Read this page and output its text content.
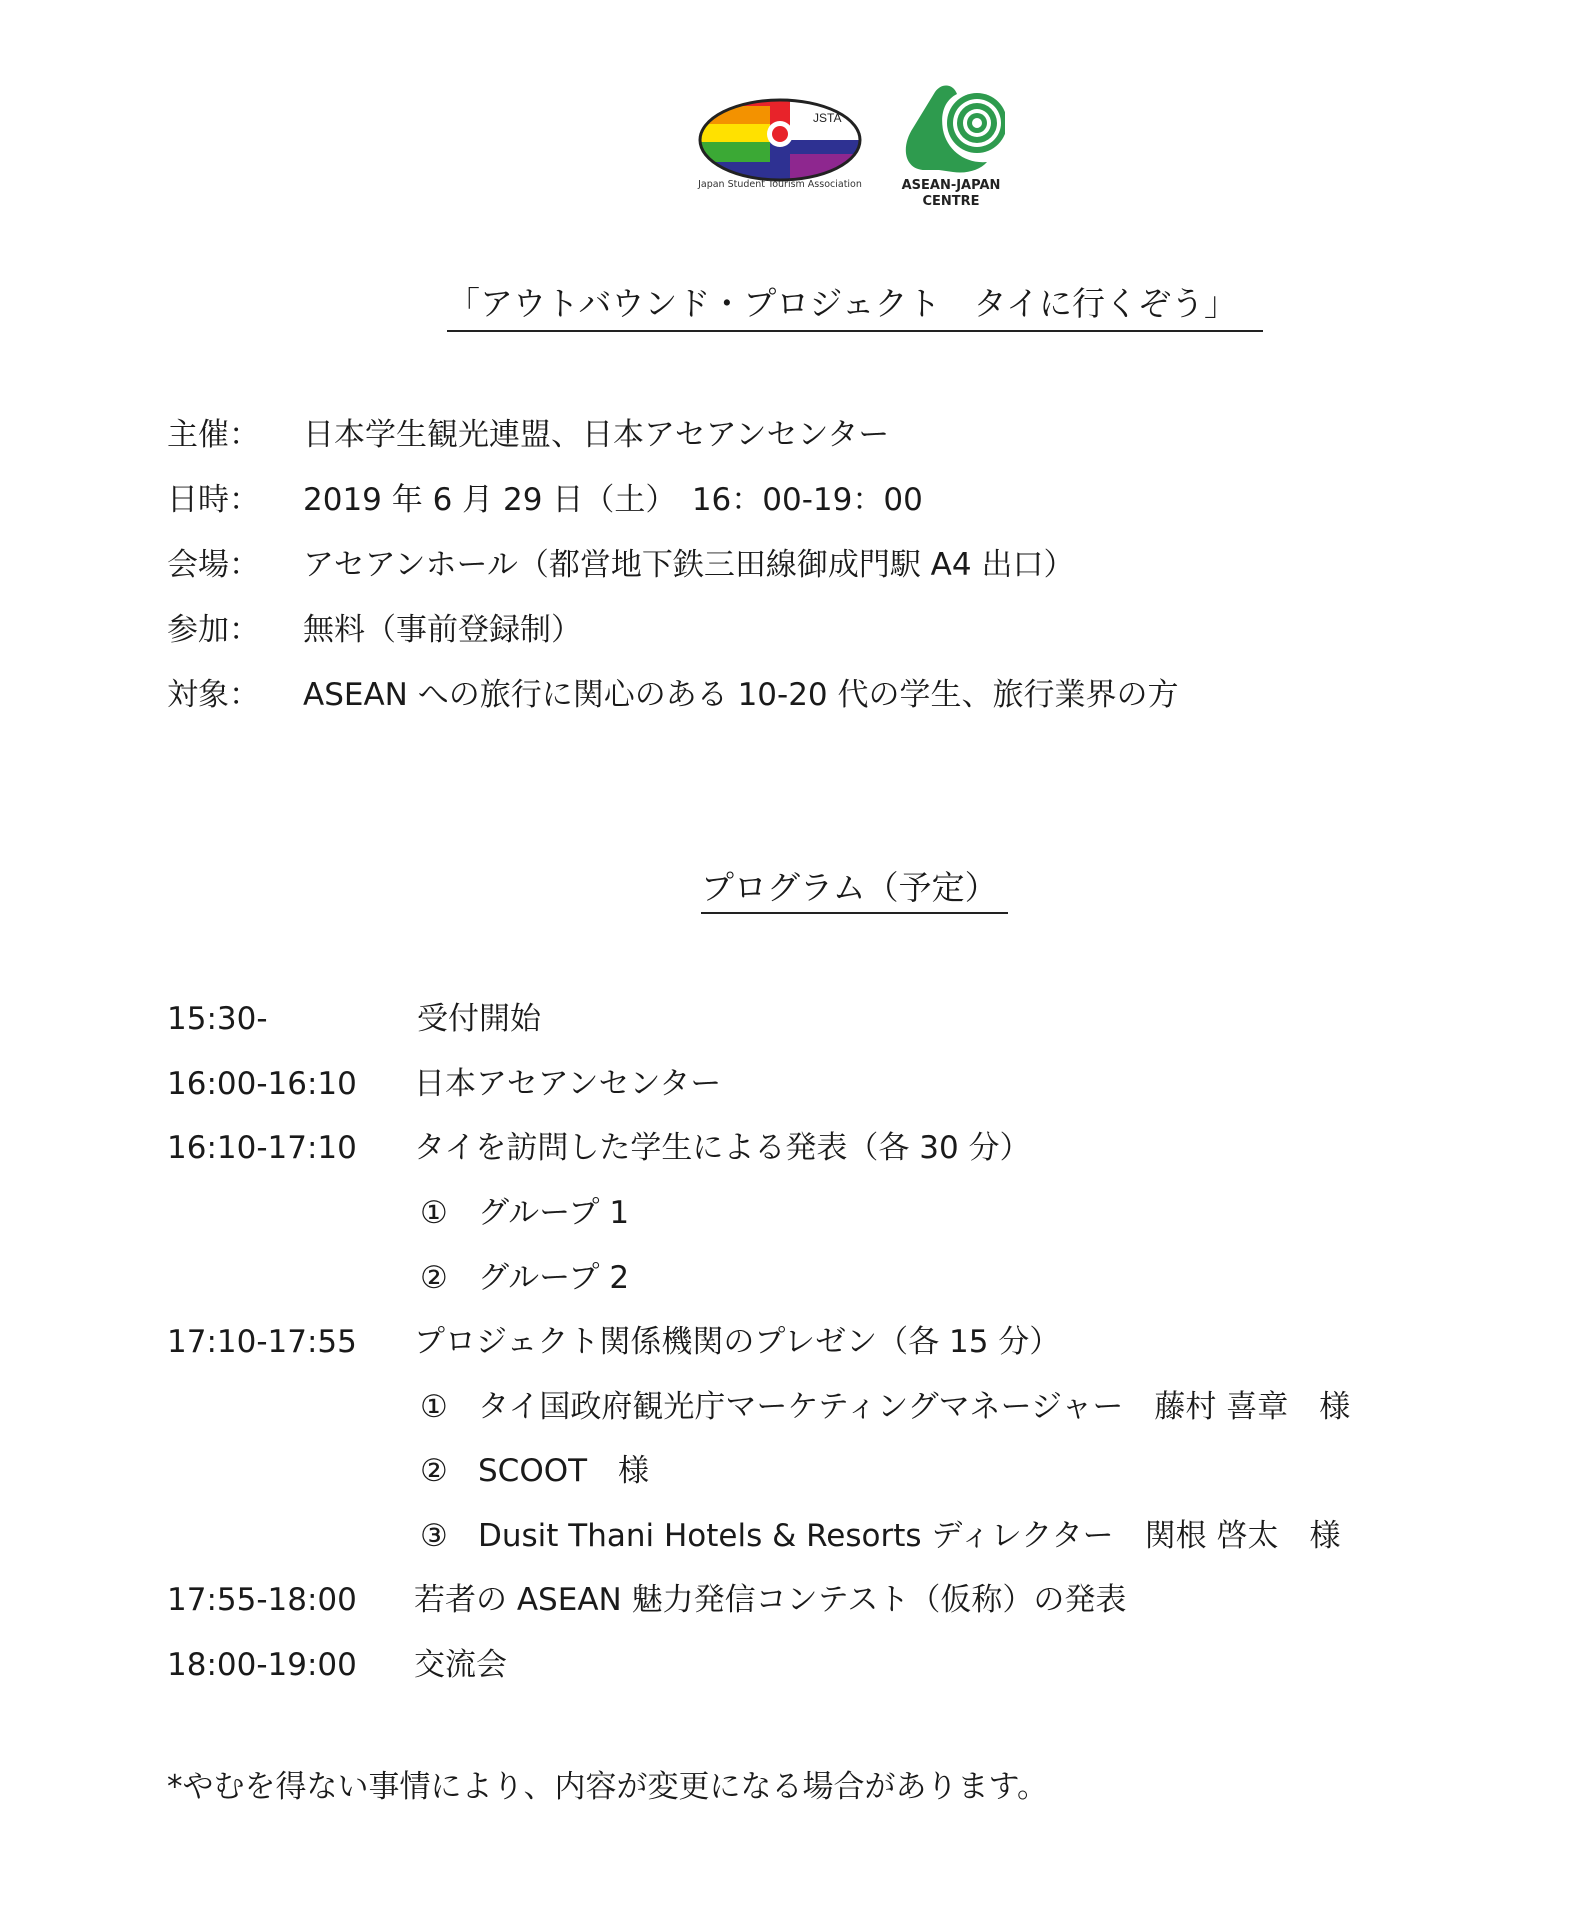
JSTA
Japan Student Tourism Association	ASEAN-JAPAN
CENTRE
「アウトバウンド・プロジェクト　タイに行くぞう」
主催： 日本学生観光連盟、日本アセアンセンター
日時： 2019 年 6 月 29 日（土）　16：00-19：00
会場： アセアンホール（都営地下鉄三田線御成門駅 A4 出口）
参加： 無料（事前登録制）
対象： ASEAN への旅行に関心のある 10-20 代の学生、旅行業界の方
プログラム（予定）
15:30-	受付開始
16:00-16:10 日本アセアンセンター
16:10-17:10 タイを訪問した学生による発表（各 30 分）
① グループ 1
② グループ 2
17:10-17:55 プロジェクト関係機関のプレゼン（各 15 分）
① タイ国政府観光庁マーケティングマネージャー　藤村 喜章　様
② SCOOT　様
③ Dusit Thani Hotels & Resorts ディレクター　関根 啓太　様
17:55-18:00 若者の ASEAN 魅力発信コンテスト（仮称）の発表
18:00-19:00 交流会
*やむを得ない事情により、内容が変更になる場合があります。
